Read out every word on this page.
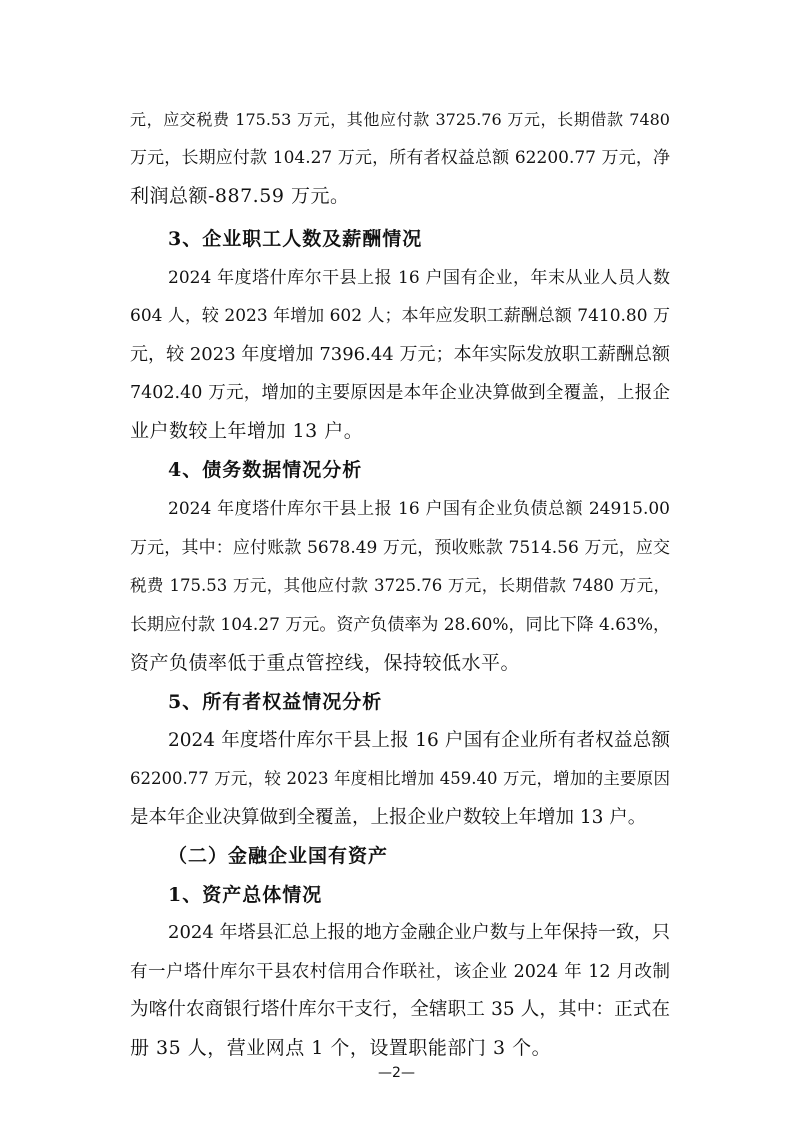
元，应交税费 175.53 万元，其他应付款 3725.76 万元，长期借款 7480
万元，长期应付款 104.27 万元，所有者权益总额 62200.77 万元，净
利润总额-887.59 万元。
3、企业职工人数及薪酬情况
2024 年度塔什库尔干县上报 16 户国有企业，年末从业人员人数
604 人，较 2023 年增加 602 人；本年应发职工薪酬总额 7410.80 万
元，较 2023 年度增加 7396.44 万元；本年实际发放职工薪酬总额
7402.40 万元，增加的主要原因是本年企业决算做到全覆盖，上报企
业户数较上年增加 13 户。
4、债务数据情况分析
2024 年度塔什库尔干县上报 16 户国有企业负债总额 24915.00
万元，其中：应付账款 5678.49 万元，预收账款 7514.56 万元，应交
税费 175.53 万元，其他应付款 3725.76 万元，长期借款 7480 万元，
长期应付款 104.27 万元。资产负债率为 28.60%，同比下降 4.63%，
资产负债率低于重点管控线，保持较低水平。
5、所有者权益情况分析
2024 年度塔什库尔干县上报 16 户国有企业所有者权益总额
62200.77 万元，较 2023 年度相比增加 459.40 万元，增加的主要原因
是本年企业决算做到全覆盖，上报企业户数较上年增加 13 户。
（二）金融企业国有资产
1、资产总体情况
2024 年塔县汇总上报的地方金融企业户数与上年保持一致，只
有一户塔什库尔干县农村信用合作联社，该企业 2024 年 12 月改制
为喀什农商银行塔什库尔干支行，全辖职工 35 人，其中：正式在
册 35 人，营业网点 1 个，设置职能部门 3 个。
—2—
